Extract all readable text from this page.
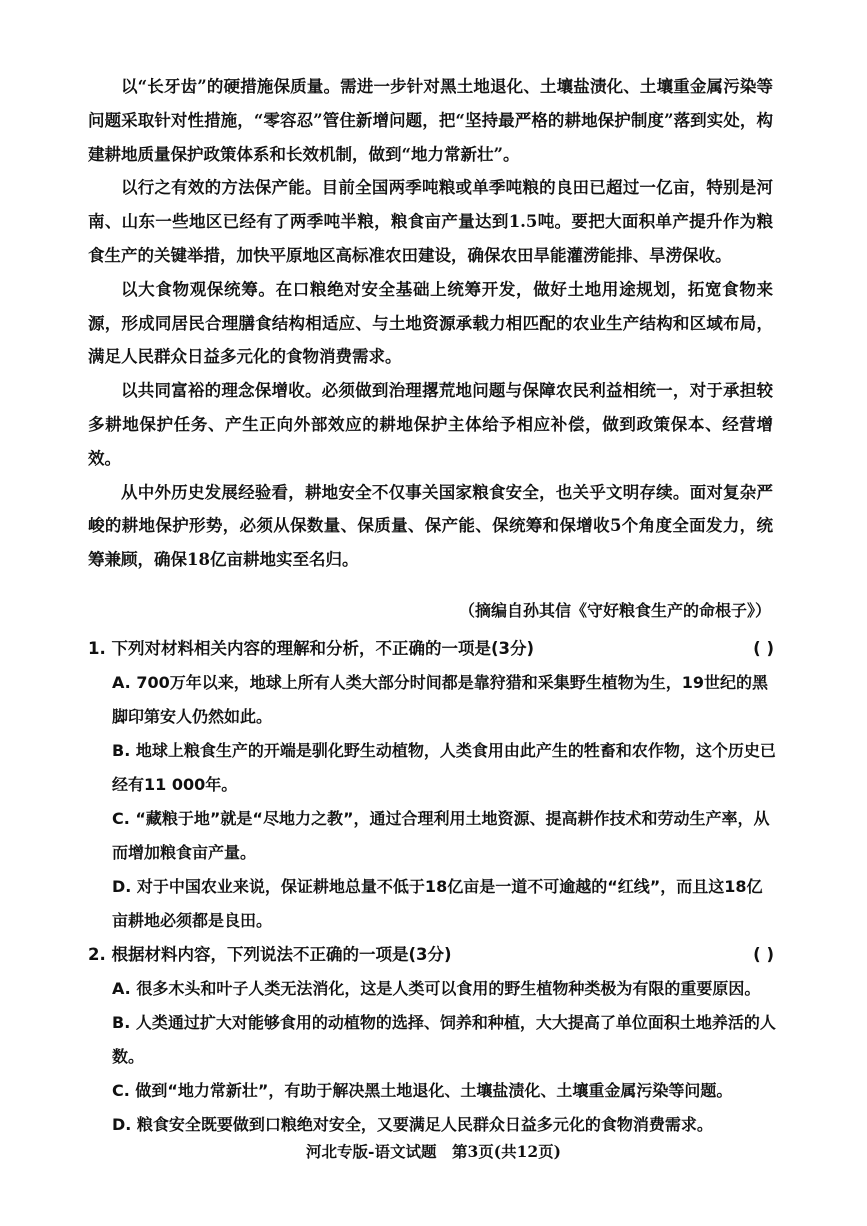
以“长牙齿”的硬措施保质量。需进一步针对黑土地退化、土壤盐渍化、土壤重金属污染等问题采取针对性措施，“零容忍”管住新增问题，把“坚持最严格的耕地保护制度”落到实处，构建耕地质量保护政策体系和长效机制，做到“地力常新壮”。

以行之有效的方法保产能。目前全国两季吨粮或单季吨粮的良田已超过一亿亩，特别是河南、山东一些地区已经有了两季吨半粮，粮食亩产量达到1.5吨。要把大面积单产提升作为粮食生产的关键举措，加快平原地区高标准农田建设，确保农田旱能灌涝能排、旱涝保收。

以大食物观保统筹。在口粮绝对安全基础上统筹开发，做好土地用途规划，拓宽食物来源，形成同居民合理膳食结构相适应、与土地资源承载力相匹配的农业生产结构和区域布局，满足人民群众日益多元化的食物消费需求。

以共同富裕的理念保增收。必须做到治理撂荒地问题与保障农民利益相统一，对于承担较多耕地保护任务、产生正向外部效应的耕地保护主体给予相应补偿，做到政策保本、经营增效。

从中外历史发展经验看，耕地安全不仅事关国家粮食安全，也关乎文明存续。面对复杂严峻的耕地保护形势，必须从保数量、保质量、保产能、保统筹和保增收5个角度全面发力，统筹兼顾，确保18亿亩耕地实至名归。

（摘编自孙其信《守好粮食生产的命根子》）
1. 下列对材料相关内容的理解和分析，不正确的一项是(3分)	( )
A. 700万年以来，地球上所有人类大部分时间都是靠狩猎和采集野生植物为生，19世纪的黑脚印第安人仍然如此。
B. 地球上粮食生产的开端是驯化野生动植物，人类食用由此产生的牲畜和农作物，这个历史已经有11 000年。
C. “藏粮于地”就是“尽地力之教”，通过合理利用土地资源、提高耕作技术和劳动生产率，从而增加粮食亩产量。
D. 对于中国农业来说，保证耕地总量不低于18亿亩是一道不可逾越的“红线”，而且这18亿亩耕地必须都是良田。
2. 根据材料内容，下列说法不正确的一项是(3分)	( )
A. 很多木头和叶子人类无法消化，这是人类可以食用的野生植物种类极为有限的重要原因。
B. 人类通过扩大对能够食用的动植物的选择、饲养和种植，大大提高了单位面积土地养活的人数。
C. 做到“地力常新壮”，有助于解决黑土地退化、土壤盐渍化、土壤重金属污染等问题。
D. 粮食安全既要做到口粮绝对安全，又要满足人民群众日益多元化的食物消费需求。
河北专版-语文试题　第3页(共12页)
